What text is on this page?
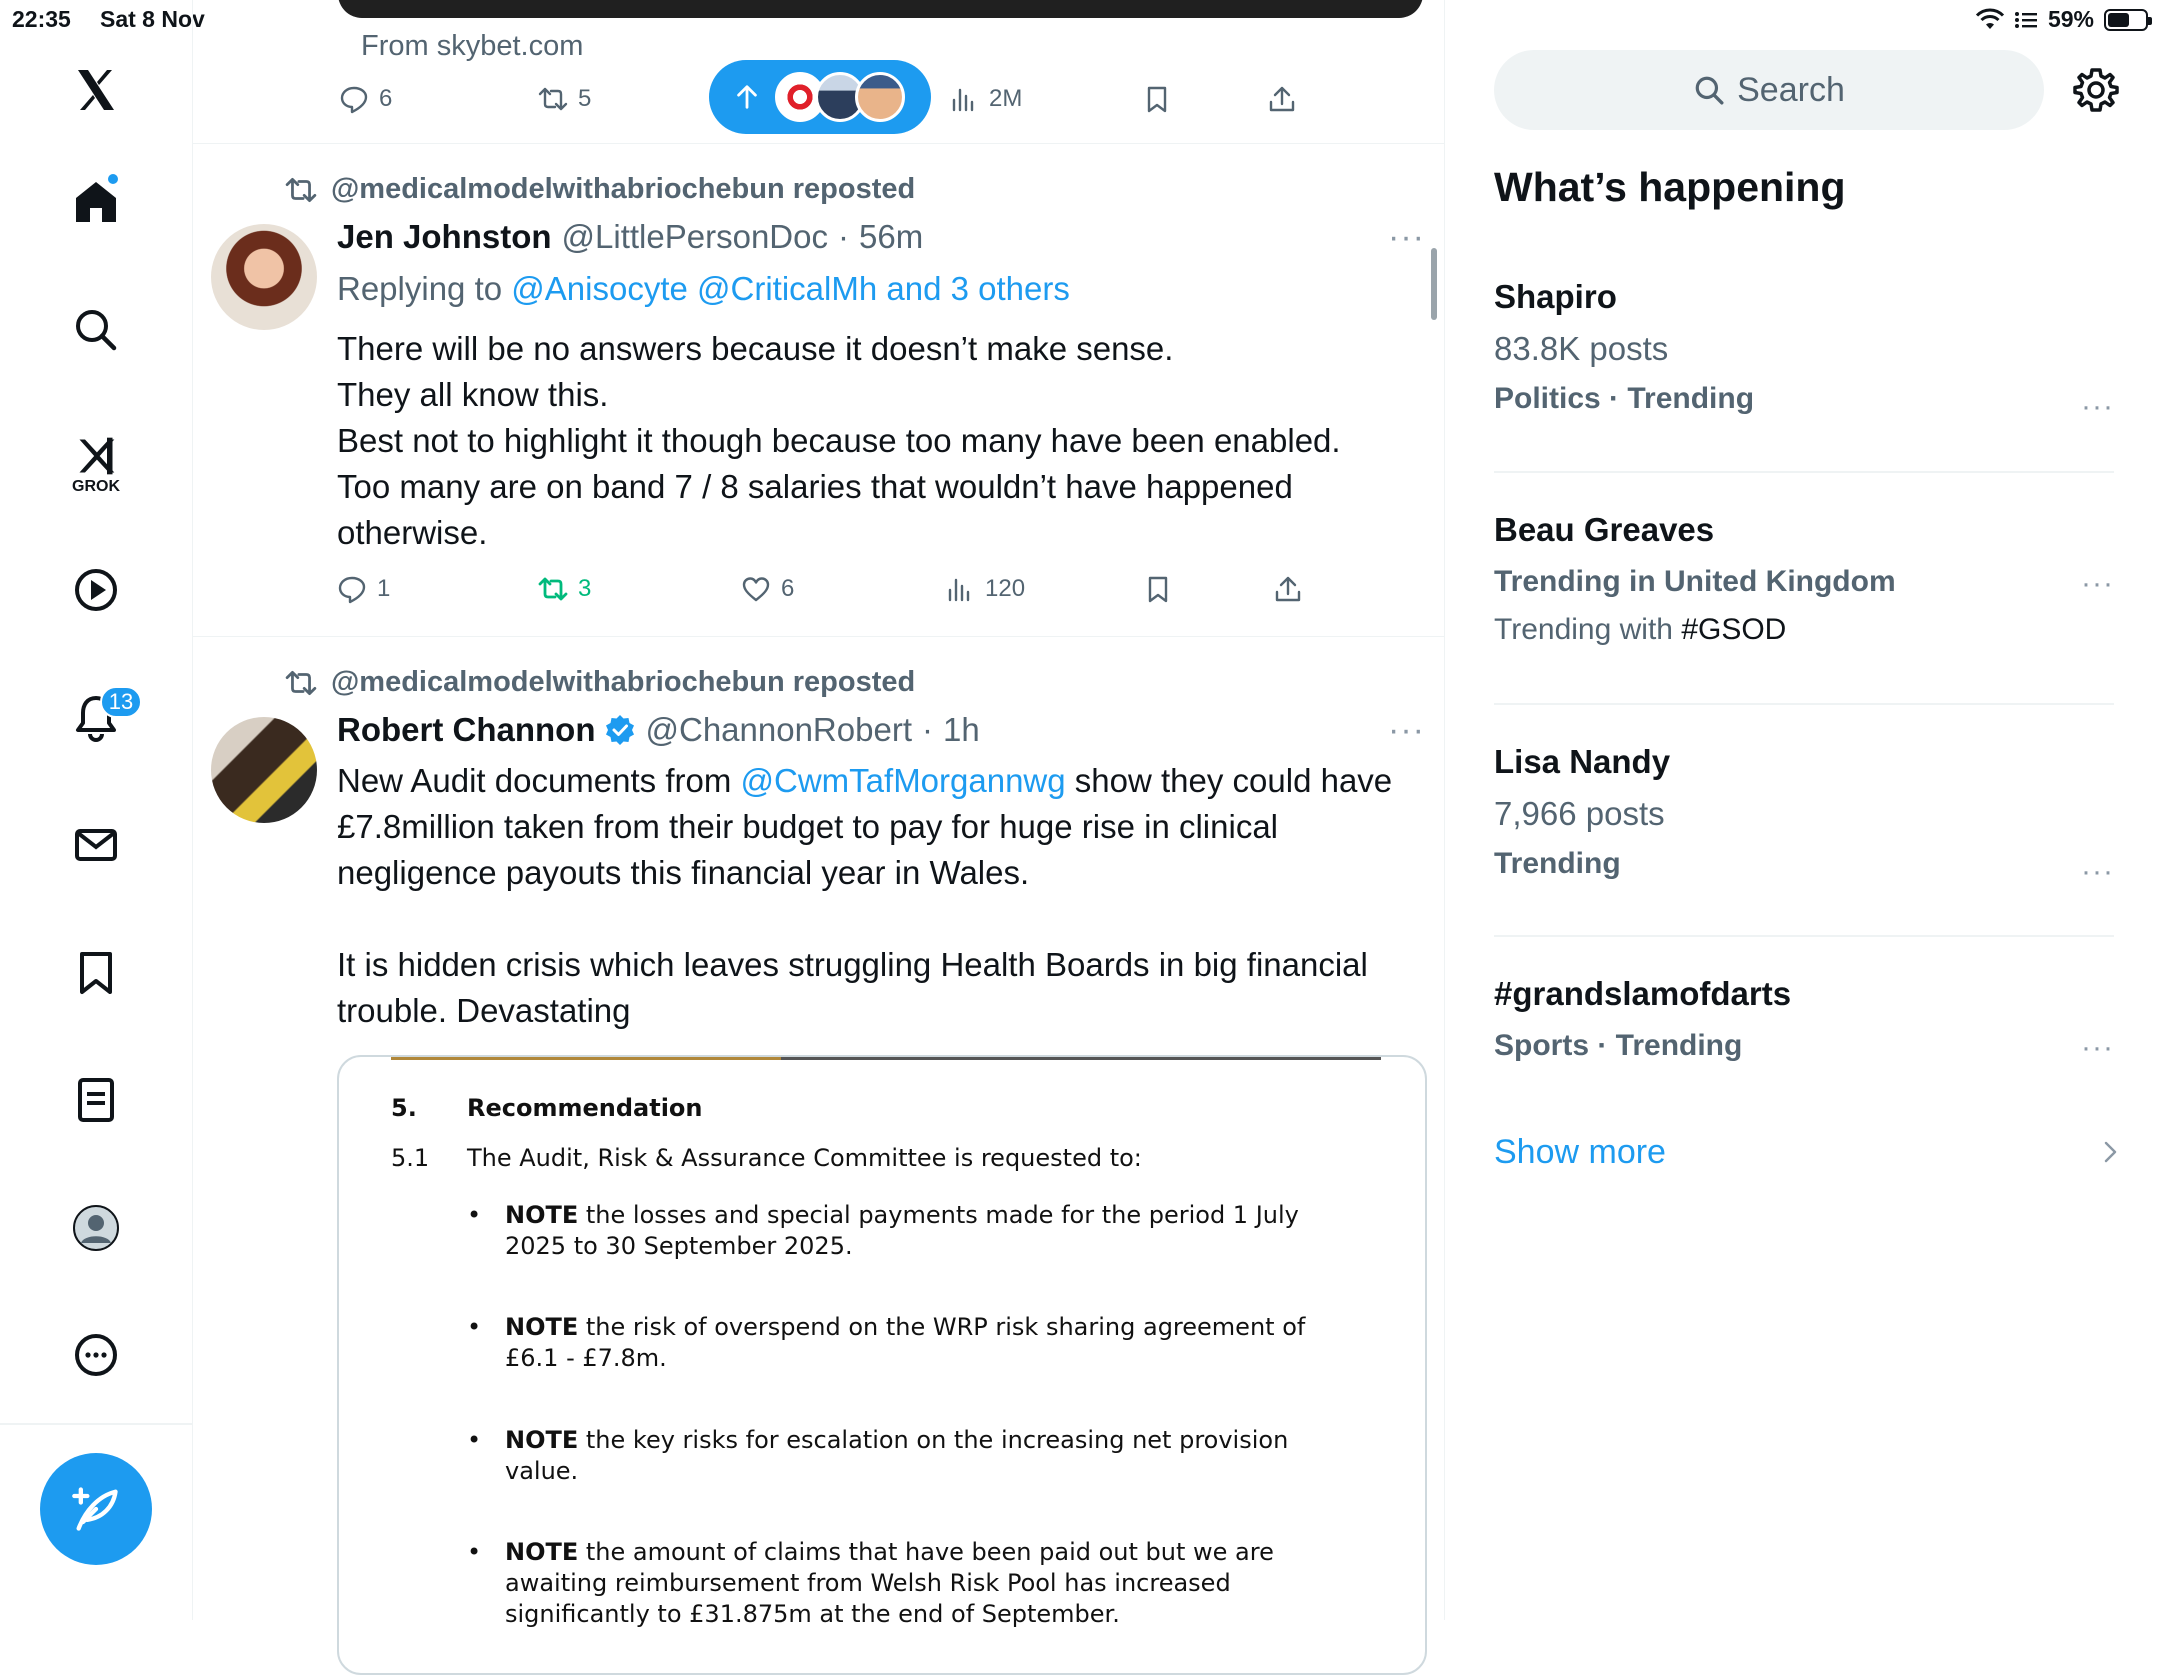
22:35 Sat 8 Nov	59%
GROK
13
From skybet.com
6	5	2M
@medicalmodelwithabriochebun reposted
Jen Johnston @LittlePersonDoc · 56m	···
Replying to @Anisocyte @CriticalMh and 3 others
There will be no answers because it doesn’t make sense.
They all know this.
Best not to highlight it though because too many have been enabled.
Too many are on band 7 / 8 salaries that wouldn’t have happened otherwise.
1	3	6	120
@medicalmodelwithabriochebun reposted
Robert Channon @ChannonRobert · 1h	···
New Audit documents from @CwmTafMorgannwg show they could have £7.8million taken from their budget to pay for huge rise in clinical negligence payouts this financial year in Wales.
It is hidden crisis which leaves struggling Health Boards in big financial trouble. Devastating
5. Recommendation
5.1 The Audit, Risk & Assurance Committee is requested to:
• NOTE the losses and special payments made for the period 1 July 2025 to 30 September 2025.
• NOTE the risk of overspend on the WRP risk sharing agreement of £6.1 - £7.8m.
• NOTE the key risks for escalation on the increasing net provision value.
• NOTE the amount of claims that have been paid out but we are awaiting reimbursement from Welsh Risk Pool has increased significantly to £31.875m at the end of September.
Search
What’s happening
Shapiro
83.8K posts
Politics · Trending	···
Beau Greaves
Trending in United Kingdom
Trending with #GSOD
···
Lisa Nandy
7,966 posts
Trending	···
#grandslamofdarts
Sports · Trending	···
Show more
